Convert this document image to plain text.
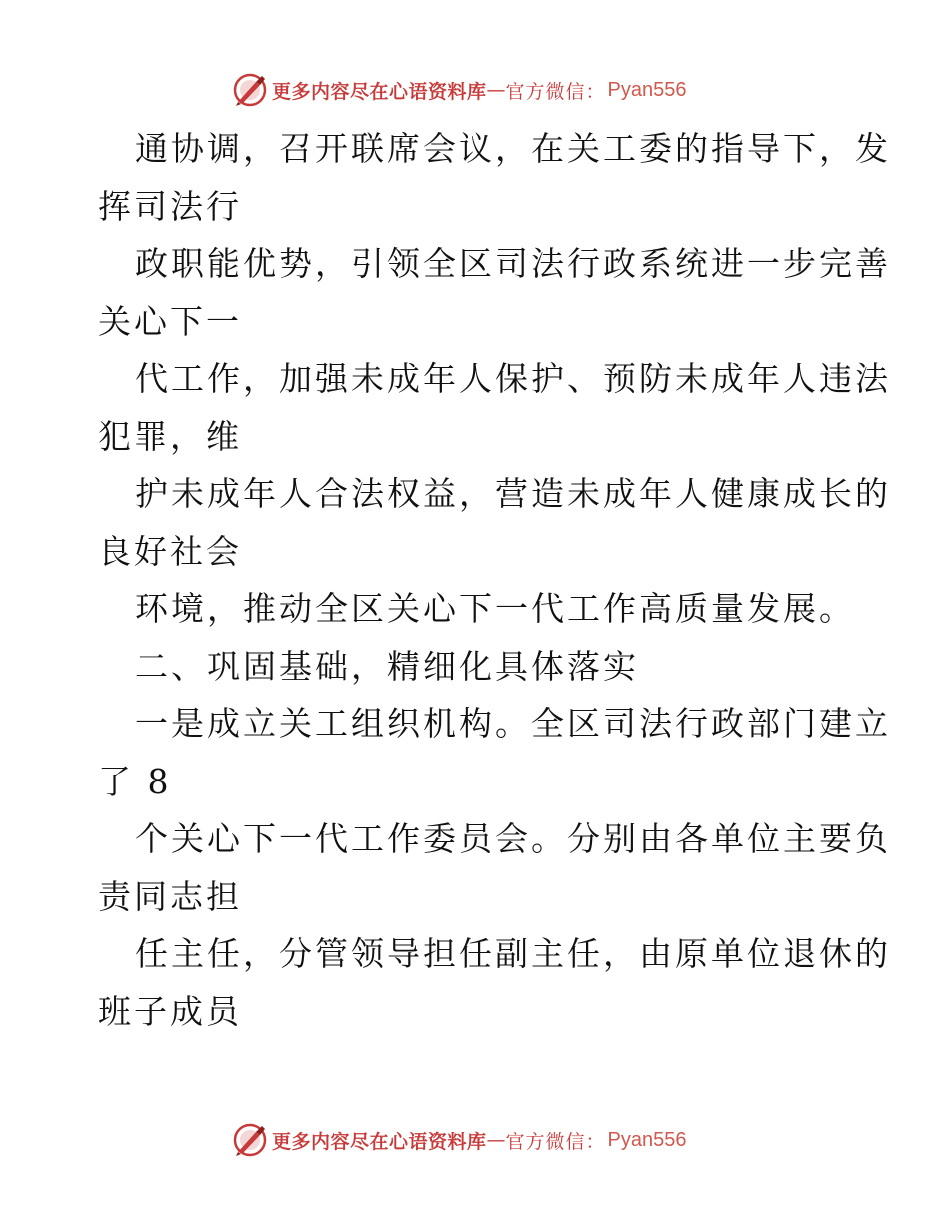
更多内容尽在心语资料库 — 官方微信： Pyan556

通协调，召开联席会议，在关工委的指导下，发

挥司法行

政职能优势，引领全区司法行政系统进一步完善

关心下一

代工作，加强未成年人保护、预防未成年人违法

犯罪，维

护未成年人合法权益，营造未成年人健康成长的

良好社会

环境，推动全区关心下一代工作高质量发展。

二、巩固基础，精细化具体落实

一是成立关工组织机构。全区司法行政部门建立

了 8

个关心下一代工作委员会。分别由各单位主要负

责同志担

任主任，分管领导担任副主任，由原单位退休的

班子成员

更多内容尽在心语资料库 — 官方微信： Pyan556
